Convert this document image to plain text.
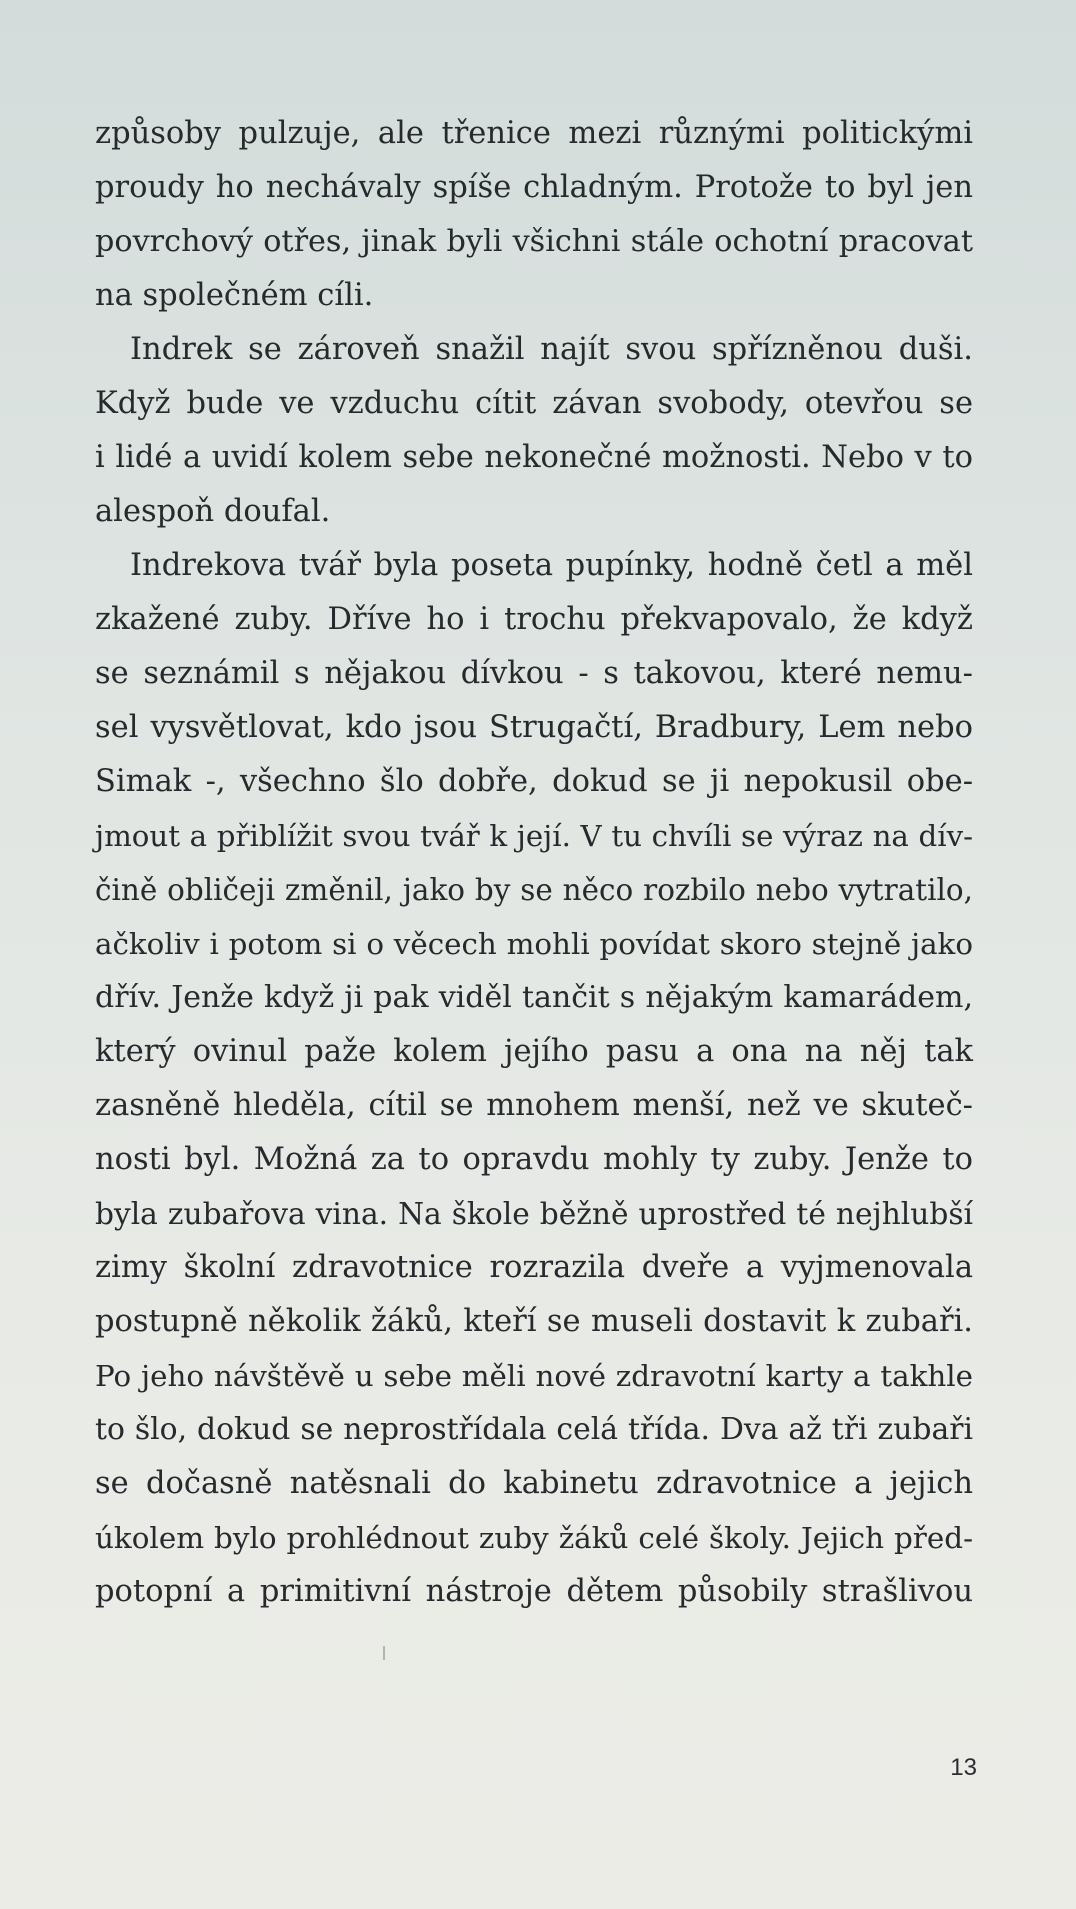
způsoby pulzuje, ale třenice mezi různými politickými
proudy ho nechávaly spíše chladným. Protože to byl jen
povrchový otřes, jinak byli všichni stále ochotní pracovat
na společném cíli.
Indrek se zároveň snažil najít svou spřízněnou duši.
Když bude ve vzduchu cítit závan svobody, otevřou se
i lidé a uvidí kolem sebe nekonečné možnosti. Nebo v to
alespoň doufal.
Indrekova tvář byla poseta pupínky, hodně četl a měl
zkažené zuby. Dříve ho i trochu překvapovalo, že když
se seznámil s nějakou dívkou - s takovou, které nemu-
sel vysvětlovat, kdo jsou Strugačtí, Bradbury, Lem nebo
Simak -, všechno šlo dobře, dokud se ji nepokusil obe-
jmout a přiblížit svou tvář k její. V tu chvíli se výraz na dív-
čině obličeji změnil, jako by se něco rozbilo nebo vytratilo,
ačkoliv i potom si o věcech mohli povídat skoro stejně jako
dřív. Jenže když ji pak viděl tančit s nějakým kamarádem,
který ovinul paže kolem jejího pasu a ona na něj tak
zasněně hleděla, cítil se mnohem menší, než ve skuteč-
nosti byl. Možná za to opravdu mohly ty zuby. Jenže to
byla zubařova vina. Na škole běžně uprostřed té nejhlubší
zimy školní zdravotnice rozrazila dveře a vyjmenovala
postupně několik žáků, kteří se museli dostavit k zubaři.
Po jeho návštěvě u sebe měli nové zdravotní karty a takhle
to šlo, dokud se neprostřídala celá třída. Dva až tři zubaři
se dočasně natěsnali do kabinetu zdravotnice a jejich
úkolem bylo prohlédnout zuby žáků celé školy. Jejich před-
potopní a primitivní nástroje dětem působily strašlivou
13
